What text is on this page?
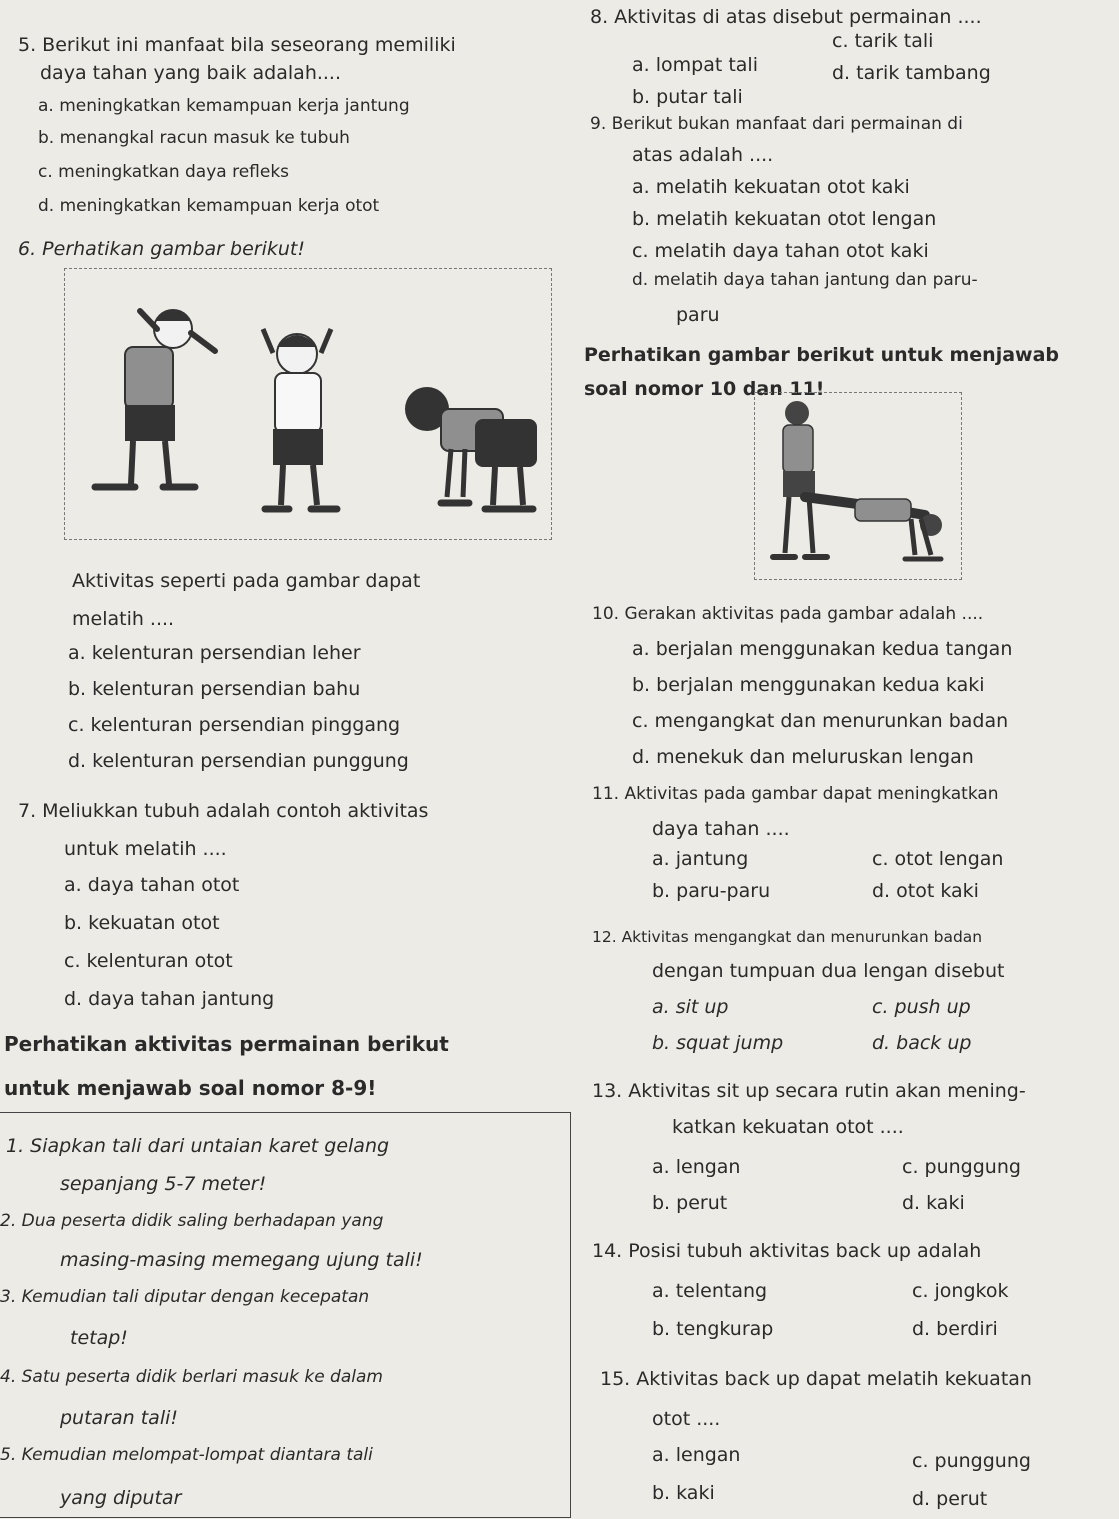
5. Berikut ini manfaat bila seseorang memiliki
daya tahan yang baik adalah....
a. meningkatkan kemampuan kerja jantung
b. menangkal racun masuk ke tubuh
c. meningkatkan daya refleks
d. meningkatkan kemampuan kerja otot
6. Perhatikan gambar berikut!
Aktivitas seperti pada gambar dapat
melatih ....
a. kelenturan persendian leher
b. kelenturan persendian bahu
c. kelenturan persendian pinggang
d. kelenturan persendian punggung
7. Meliukkan tubuh adalah contoh aktivitas
untuk melatih ....
a. daya tahan otot
b. kekuatan otot
c. kelenturan otot
d. daya tahan jantung
Perhatikan aktivitas permainan berikut
untuk menjawab soal nomor 8-9!
1. Siapkan tali dari untaian karet gelang
sepanjang 5-7 meter!
2. Dua peserta didik saling berhadapan yang
masing-masing memegang ujung tali!
3. Kemudian tali diputar dengan kecepatan
tetap!
4. Satu peserta didik berlari masuk ke dalam
putaran tali!
5. Kemudian melompat-lompat diantara tali
yang diputar
8. Aktivitas di atas disebut permainan ....
a. lompat tali
b. putar tali
c. tarik tali
d. tarik tambang
9. Berikut bukan manfaat dari permainan di
atas adalah ....
a. melatih kekuatan otot kaki
b. melatih kekuatan otot lengan
c. melatih daya tahan otot kaki
d. melatih daya tahan jantung dan paru-
paru
Perhatikan gambar berikut untuk menjawab
soal nomor 10 dan 11!
10. Gerakan aktivitas pada gambar adalah ....
a. berjalan menggunakan kedua tangan
b. berjalan menggunakan kedua kaki
c. mengangkat dan menurunkan badan
d. menekuk dan meluruskan lengan
11. Aktivitas pada gambar dapat meningkatkan
daya tahan ....
a. jantung
b. paru-paru
c. otot lengan
d. otot kaki
12. Aktivitas mengangkat dan menurunkan badan
dengan tumpuan dua lengan disebut
a. sit up
b. squat jump
c. push up
d. back up
13. Aktivitas sit up secara rutin akan mening-
katkan kekuatan otot ....
a. lengan
b. perut
c. punggung
d. kaki
14. Posisi tubuh aktivitas back up adalah
a. telentang
b. tengkurap
c. jongkok
d. berdiri
15. Aktivitas back up dapat melatih kekuatan
otot ....
a. lengan
b. kaki
c. punggung
d. perut
